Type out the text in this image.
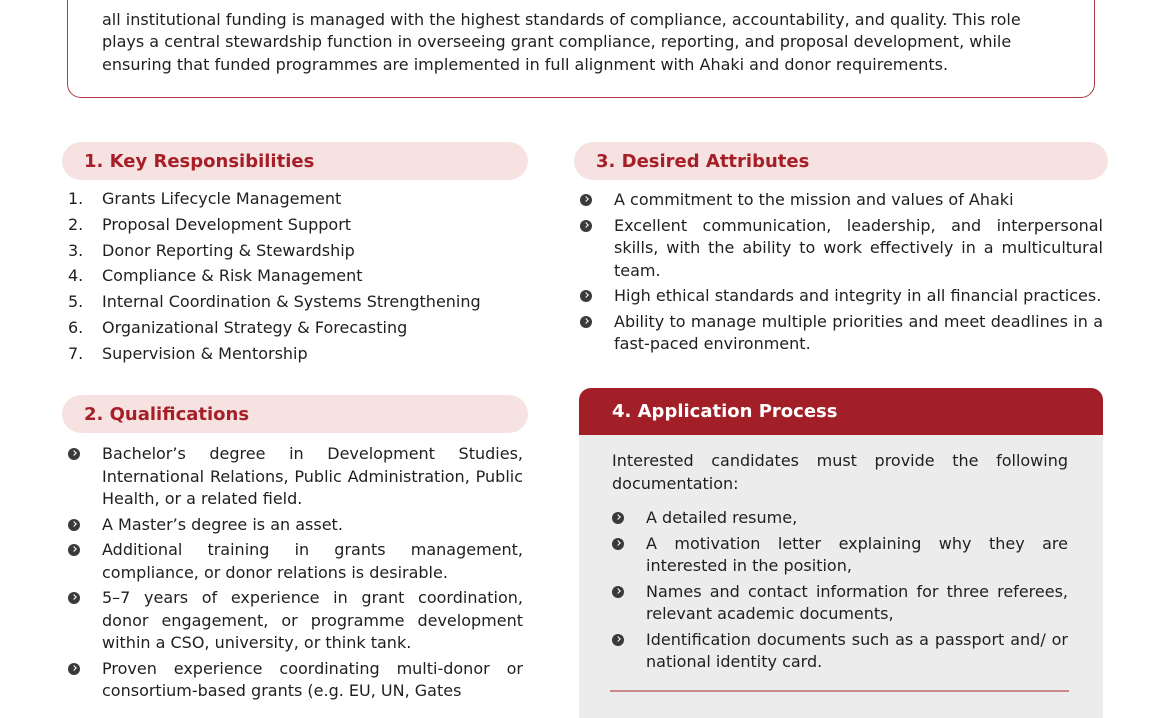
all institutional funding is managed with the highest standards of compliance, accountability, and quality. This role
plays a central stewardship function in overseeing grant compliance, reporting, and proposal development, while
ensuring that funded programmes are implemented in full alignment with Ahaki and donor requirements.
1. Key Responsibilities
1.	Grants Lifecycle Management
2.	Proposal Development Support
3.	Donor Reporting & Stewardship
4.	Compliance & Risk Management
5.	Internal Coordination & Systems Strengthening
6.	Organizational Strategy & Forecasting
7.	Supervision & Mentorship
2. Qualifications
Bachelor’s degree in Development Studies, International Relations, Public Administration, Public Health, or a related field.
A Master’s degree is an asset.
Additional training in grants management, compliance, or donor relations is desirable.
5–7 years of experience in grant coordination, donor engagement, or programme development within a CSO, university, or think tank.
Proven experience coordinating multi-donor or consortium-based grants (e.g. EU, UN, Gates
3. Desired Attributes
A commitment to the mission and values of Ahaki
Excellent communication, leadership, and interpersonal skills, with the ability to work effectively in a multicultural team.
High ethical standards and integrity in all financial practices.
Ability to manage multiple priorities and meet deadlines in a fast-paced environment.
4. Application Process
Interested candidates must provide the following documentation:
A detailed resume,
A motivation letter explaining why they are interested in the position,
Names and contact information for three referees, relevant academic documents,
Identification documents such as a passport and/ or national identity card.
